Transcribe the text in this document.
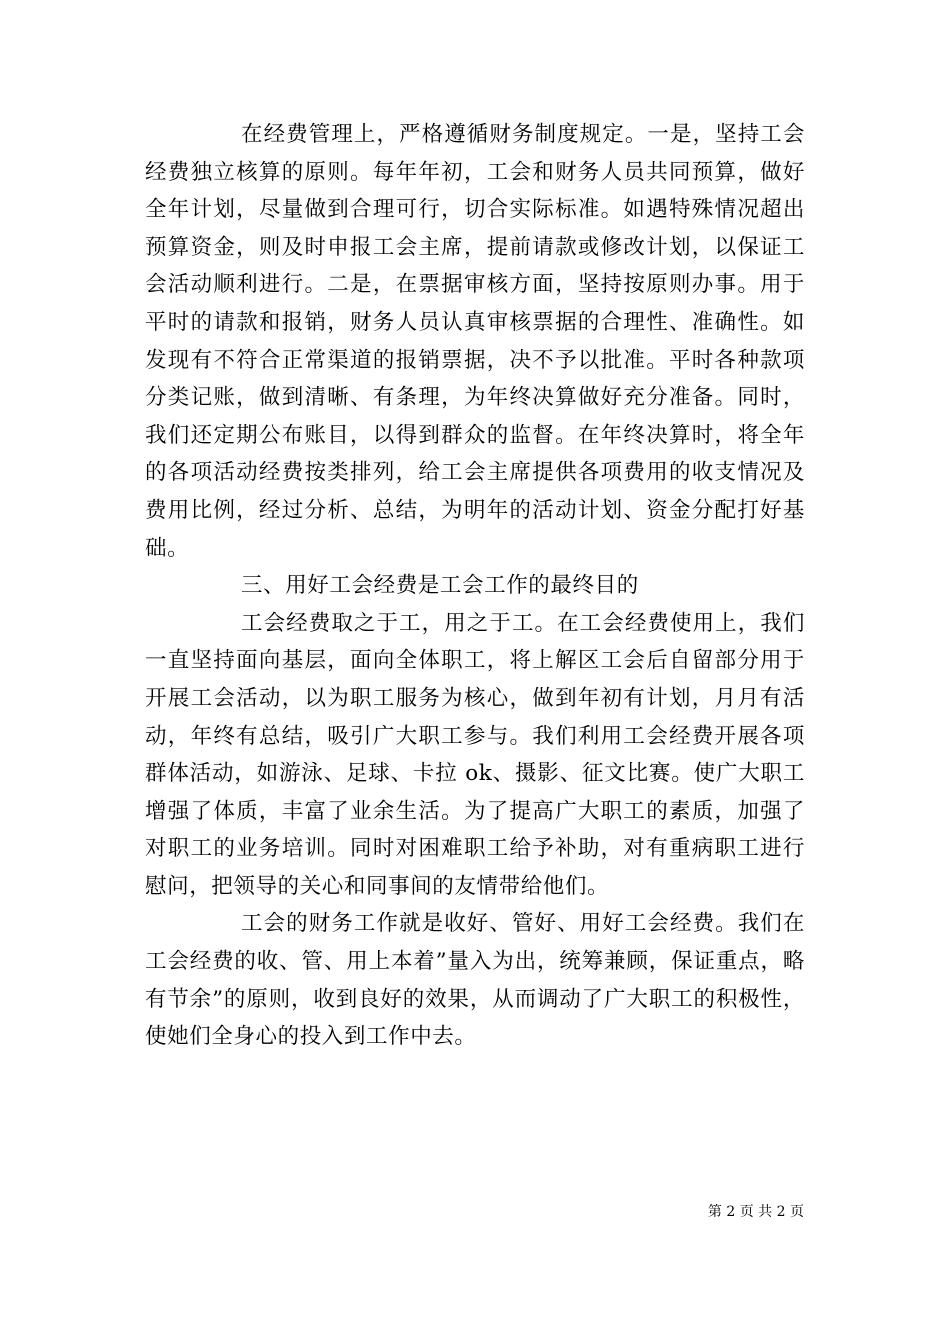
在经费管理上，严格遵循财务制度规定。一是，坚持工会经费独立核算的原则。每年年初，工会和财务人员共同预算，做好全年计划，尽量做到合理可行，切合实际标准。如遇特殊情况超出预算资金，则及时申报工会主席，提前请款或修改计划，以保证工会活动顺利进行。二是，在票据审核方面，坚持按原则办事。用于平时的请款和报销，财务人员认真审核票据的合理性、准确性。如发现有不符合正常渠道的报销票据，决不予以批准。平时各种款项分类记账，做到清晰、有条理，为年终决算做好充分准备。同时，我们还定期公布账目，以得到群众的监督。在年终决算时，将全年的各项活动经费按类排列，给工会主席提供各项费用的收支情况及费用比例，经过分析、总结，为明年的活动计划、资金分配打好基础。

三、用好工会经费是工会工作的最终目的

工会经费取之于工，用之于工。在工会经费使用上，我们一直坚持面向基层，面向全体职工，将上解区工会后自留部分用于开展工会活动，以为职工服务为核心，做到年初有计划，月月有活动，年终有总结，吸引广大职工参与。我们利用工会经费开展各项群体活动，如游泳、足球、卡拉 ok、摄影、征文比赛。使广大职工增强了体质，丰富了业余生活。为了提高广大职工的素质，加强了对职工的业务培训。同时对困难职工给予补助，对有重病职工进行慰问，把领导的关心和同事间的友情带给他们。

工会的财务工作就是收好、管好、用好工会经费。我们在工会经费的收、管、用上本着”量入为出，统筹兼顾，保证重点，略有节余”的原则，收到良好的效果，从而调动了广大职工的积极性，使她们全身心的投入到工作中去。

第 2 页 共 2 页
